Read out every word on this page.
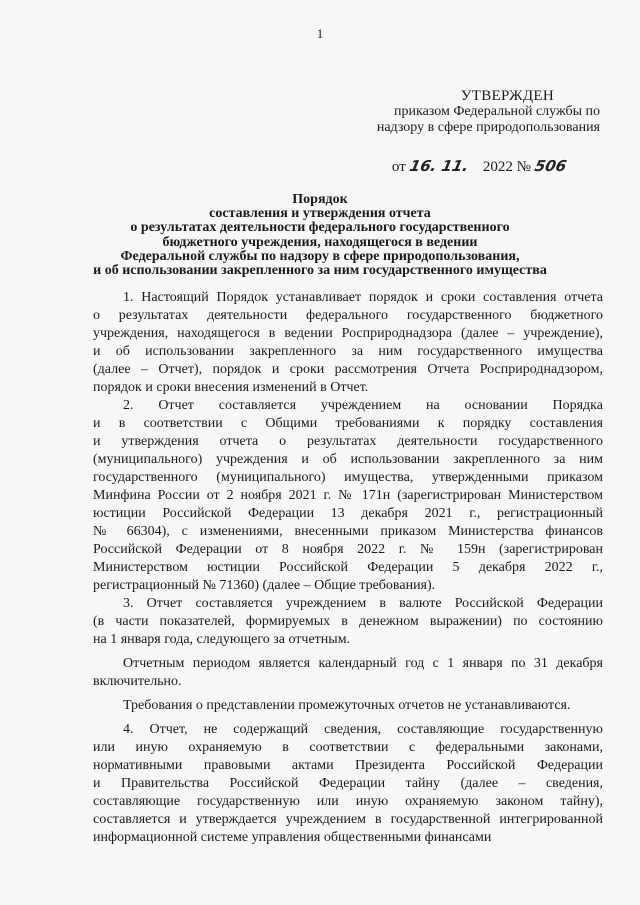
1
УТВЕРЖДЕН
приказом Федеральной службы по
надзору в сфере природопользования
от 16. 11. 2022 № 506
Порядок
составления и утверждения отчета
о результатах деятельности федерального государственного
бюджетного учреждения, находящегося в ведении
Федеральной службы по надзору в сфере природопользования,
и об использовании закрепленного за ним государственного имущества
1. Настоящий Порядок устанавливает порядок и сроки составления отчета
о результатах деятельности федерального государственного бюджетного
учреждения, находящегося в ведении Росприроднадзора (далее – учреждение),
и об использовании закрепленного за ним государственного имущества
(далее – Отчет), порядок и сроки рассмотрения Отчета Росприроднадзором,
порядок и сроки внесения изменений в Отчет.
2. Отчет составляется учреждением на основании Порядка
и в соответствии с Общими требованиями к порядку составления
и утверждения отчета о результатах деятельности государственного
(муниципального) учреждения и об использовании закрепленного за ним
государственного (муниципального) имущества, утвержденными приказом
Минфина России от 2 ноября 2021 г. № 171н (зарегистрирован Министерством
юстиции Российской Федерации 13 декабря 2021 г., регистрационный
№ 66304), с изменениями, внесенными приказом Министерства финансов
Российской Федерации от 8 ноября 2022 г. № 159н (зарегистрирован
Министерством юстиции Российской Федерации 5 декабря 2022 г.,
регистрационный № 71360) (далее – Общие требования).
3. Отчет составляется учреждением в валюте Российской Федерации
(в части показателей, формируемых в денежном выражении) по состоянию
на 1 января года, следующего за отчетным.
Отчетным периодом является календарный год с 1 января по 31 декабря
включительно.
Требования о представлении промежуточных отчетов не устанавливаются.
4. Отчет, не содержащий сведения, составляющие государственную
или иную охраняемую в соответствии с федеральными законами,
нормативными правовыми актами Президента Российской Федерации
и Правительства Российской Федерации тайну (далее – сведения,
составляющие государственную или иную охраняемую законом тайну),
составляется и утверждается учреждением в государственной интегрированной
информационной системе управления общественными финансами
